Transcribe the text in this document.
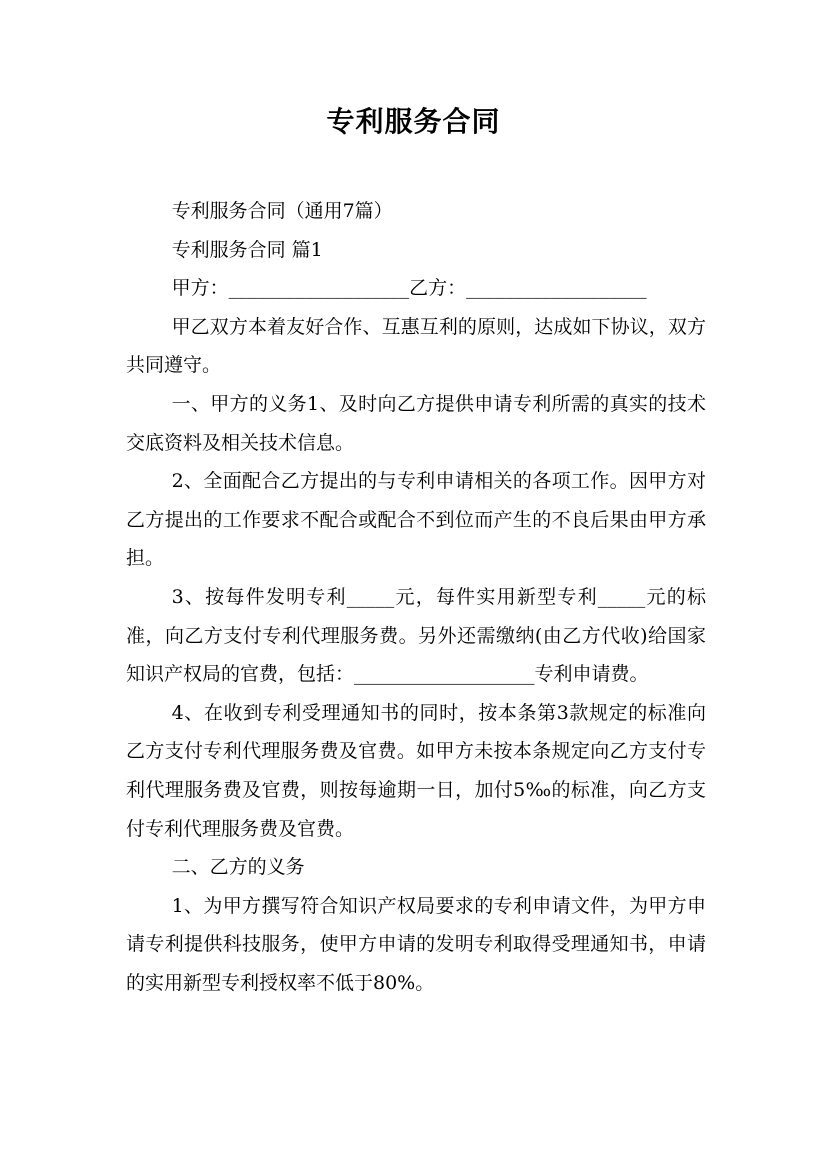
专利服务合同

专利服务合同（通用7篇）

专利服务合同 篇1

甲方：___________________乙方：___________________

甲乙双方本着友好合作、互惠互利的原则，达成如下协议，双方共同遵守。

一、甲方的义务1、及时向乙方提供申请专利所需的真实的技术交底资料及相关技术信息。

2、全面配合乙方提出的与专利申请相关的各项工作。因甲方对乙方提出的工作要求不配合或配合不到位而产生的不良后果由甲方承担。

3、按每件发明专利_____元，每件实用新型专利_____元的标准，向乙方支付专利代理服务费。另外还需缴纳(由乙方代收)给国家知识产权局的官费，包括：___________________专利申请费。

4、在收到专利受理通知书的同时，按本条第3款规定的标准向乙方支付专利代理服务费及官费。如甲方未按本条规定向乙方支付专利代理服务费及官费，则按每逾期一日，加付5‰的标准，向乙方支付专利代理服务费及官费。

二、乙方的义务

1、为甲方撰写符合知识产权局要求的专利申请文件，为甲方申请专利提供科技服务，使甲方申请的发明专利取得受理通知书，申请的实用新型专利授权率不低于80%。
